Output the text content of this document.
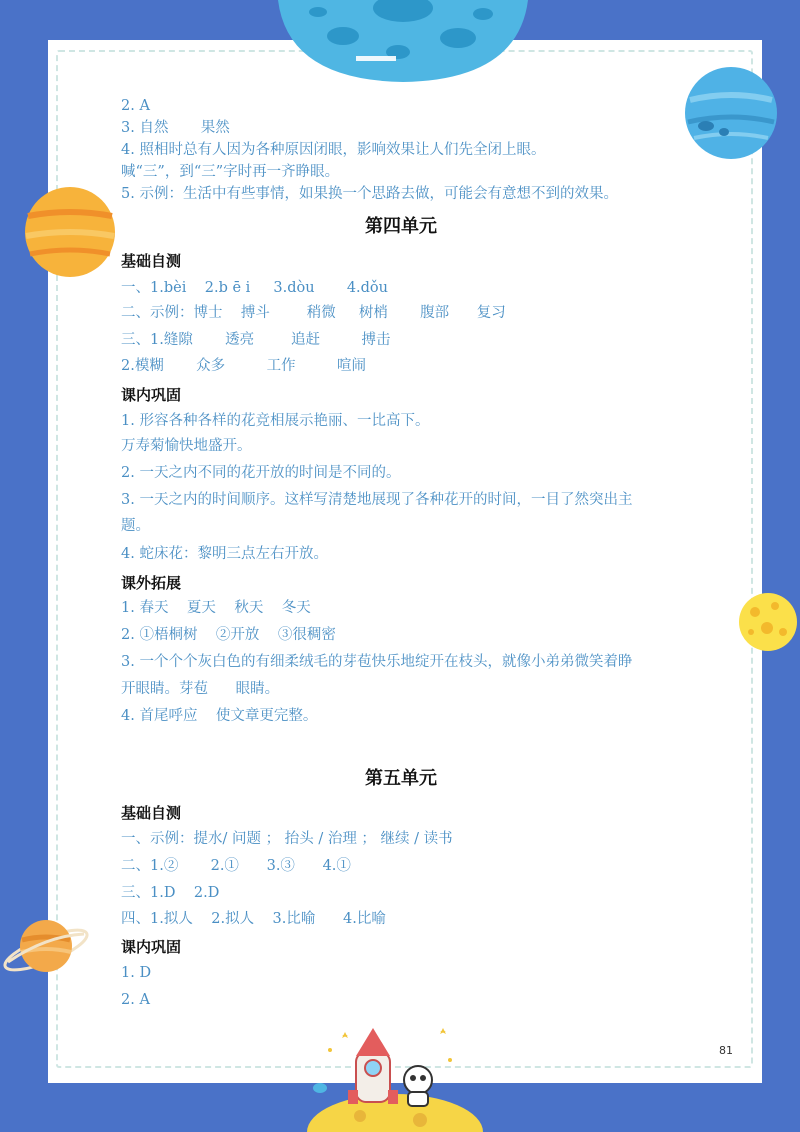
2. A
3. 自然       果然
4. 照相时总有人因为各种原因闭眼，影响效果让人们先全闭上眼。
喊“三”，到“三”字时再一齐睁眼。
5. 示例：生活中有些事情，如果换一个思路去做，可能会有意想不到的效果。
第四单元
基础自测
一、1.bèi    2.b ē i     3.dòu       4.dǒu
二、示例：博士    搏斗        稍微     树梢       腹部      复习
三、1.缝隙       透亮        追赶         搏击
2.模糊       众多         工作         喧闹
课内巩固
1. 形容各种各样的花竞相展示艳丽、一比高下。
万寿菊愉快地盛开。
2. 一天之内不同的花开放的时间是不同的。
3. 一天之内的时间顺序。这样写清楚地展现了各种花开的时间，一目了然突出主
题。
4. 蛇床花：黎明三点左右开放。
课外拓展
1. 春天    夏天    秋天    冬天
2. ①梧桐树    ②开放    ③很稠密
3. 一个个个灰白色的有细柔绒毛的芽苞快乐地绽开在枝头，就像小弟弟微笑着睁
开眼睛。芽苞      眼睛。
4. 首尾呼应    使文章更完整。
第五单元
基础自测
一、示例：提水/ 问题 ； 抬头 / 治理 ； 继续 / 读书
二、1.②       2.①      3.③      4.①
三、1.D    2.D
四、1.拟人    2.拟人    3.比喻      4.比喻
课内巩固
1. D
2. A
81
